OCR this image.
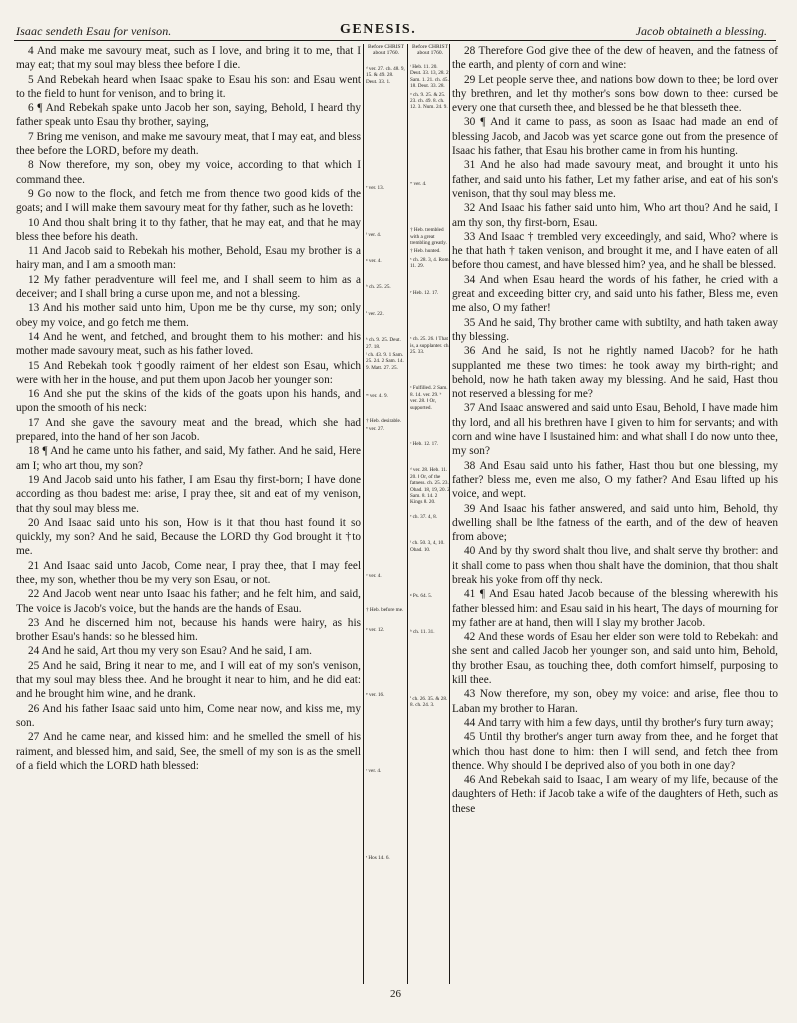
Isaac sendeth Esau for venison.	GENESIS.	Jacob obtaineth a blessing.

4 And make me savoury meat, such as I love, and bring it to me, that I may eat; that my soul may bless thee before I die.

5 And Rebekah heard when Isaac spake to Esau his son: and Esau went to the field to hunt for venison, and to bring it.

6 ¶ And Rebekah spake unto Jacob her son, saying, Behold, I heard thy father speak unto Esau thy brother, saying,

7 Bring me venison, and make me savoury meat, that I may eat, and bless thee before the LORD, before my death.

8 Now therefore, my son, obey my voice, according to that which I command thee.

9 Go now to the flock, and fetch me from thence two good kids of the goats; and I will make them savoury meat for thy father, such as he loveth:

10 And thou shalt bring it to thy father, that he may eat, and that he may bless thee before his death.

11 And Jacob said to Rebekah his mother, Behold, Esau my brother is a hairy man, and I am a smooth man:

12 My father peradventure will feel me, and I shall seem to him as a deceiver; and I shall bring a curse upon me, and not a blessing.

13 And his mother said unto him, Upon me be thy curse, my son; only obey my voice, and go fetch me them.

14 And he went, and fetched, and brought them to his mother: and his mother made savoury meat, such as his father loved.

15 And Rebekah took †goodly raiment of her eldest son Esau, which were with her in the house, and put them upon Jacob her younger son:

16 And she put the skins of the kids of the goats upon his hands, and upon the smooth of his neck:

17 And she gave the savoury meat and the bread, which she had prepared, into the hand of her son Jacob.

18 ¶ And he came unto his father, and said, My father. And he said, Here am I; who art thou, my son?

19 And Jacob said unto his father, I am Esau thy first-born; I have done according as thou badest me: arise, I pray thee, sit and eat of my venison, that thy soul may bless me.

20 And Isaac said unto his son, How is it that thou hast found it so quickly, my son? And he said, Because the LORD thy God brought it †to me.

21 And Isaac said unto Jacob, Come near, I pray thee, that I may feel thee, my son, whether thou be my very son Esau, or not.

22 And Jacob went near unto Isaac his father; and he felt him, and said, The voice is Jacob's voice, but the hands are the hands of Esau.

23 And he discerned him not, because his hands were hairy, as his brother Esau's hands: so he blessed him.

24 And he said, Art thou my very son Esau? And he said, I am.

25 And he said, Bring it near to me, and I will eat of my son's venison, that my soul may bless thee. And he brought it near to him, and he did eat: and he brought him wine, and he drank.

26 And his father Isaac said unto him, Come near now, and kiss me, my son.

27 And he came near, and kissed him: and he smelled the smell of his raiment, and blessed him, and said, See, the smell of my son is as the smell of a field which the LORD hath blessed:

Before CHRIST about 1760.
ᵈ ver. 27. ch. 48. 9, 15. & 49. 28. Deut. 33. 1.
ᵉ ver. 13.
ᶠ ver. 4.
ᵍ ver. 4.
ʰ ch. 25. 25.
ⁱ ver. 22.
ᵏ ch. 9. 25. Deut. 27. 18.
ˡ ch. 43. 9. 1 Sam. 25. 24. 2 Sam. 14. 9. Matt. 27. 25.
ᵐ ver. 4. 9.
† Heb. desirable.
ⁿ ver. 27.
ᵒ ver. 4.
† Heb. before me.
ᵖ ver. 12.
ᵠ ver. 16.
ʳ ver. 4.
ˢ Hos 14. 6.
Before CHRIST about 1760.
ᵗ Heb. 11. 20. Deut. 33. 13, 28. 2 Sam. 1. 21. ch. 45. 18. Deut. 33. 28.
ᵘ ch. 9. 25. & 25. 23. ch. 49. 8. ch. 12. 3. Num. 24. 9.
ʷ ver. 4.
† Heb. trembled with a great trembling greatly.
† Heb. hunted.
ˣ ch. 28. 3, 4. Rom. 11. 29.
ʸ Heb. 12. 17.
ᶻ ch. 25. 26. ‖ That is, a supplanter. ch. 25. 33.
ᵃ Fulfilled. 2 Sam. 8. 14. ver. 29. ᵇ ver. 28. ‖ Or, supported.
ᶜ Heb. 12. 17.
ᵈ ver. 28. Heb. 11. 20. ‖ Or, of the fatness. ch. 25. 23. Obad. 18, 19, 20. 2 Sam. 8. 14. 2 Kings 8. 20.
ᵉ ch. 37. 4, 8.
ᶠ ch. 50. 3, 4, 10. Obad. 10.
ᵍ Ps. 64. 5.
ʰ ch. 11. 31.
ⁱ ch. 26. 35. & 28. 8. ch. 24. 3.

28 Therefore God give thee of the dew of heaven, and the fatness of the earth, and plenty of corn and wine:

29 Let people serve thee, and nations bow down to thee; be lord over thy brethren, and let thy mother's sons bow down to thee: cursed be every one that curseth thee, and blessed be he that blesseth thee.

30 ¶ And it came to pass, as soon as Isaac had made an end of blessing Jacob, and Jacob was yet scarce gone out from the presence of Isaac his father, that Esau his brother came in from his hunting.

31 And he also had made savoury meat, and brought it unto his father, and said unto his father, Let my father arise, and eat of his son's venison, that thy soul may bless me.

32 And Isaac his father said unto him, Who art thou? And he said, I am thy son, thy first-born, Esau.

33 And Isaac † trembled very exceedingly, and said, Who? where is he that hath † taken venison, and brought it me, and I have eaten of all before thou camest, and have blessed him? yea, and he shall be blessed.

34 And when Esau heard the words of his father, he cried with a great and exceeding bitter cry, and said unto his father, Bless me, even me also, O my father!

35 And he said, Thy brother came with subtilty, and hath taken away thy blessing.

36 And he said, Is not he rightly named ‖Jacob? for he hath supplanted me these two times: he took away my birth-right; and behold, now he hath taken away my blessing. And he said, Hast thou not reserved a blessing for me?

37 And Isaac answered and said unto Esau, Behold, I have made him thy lord, and all his brethren have I given to him for servants; and with corn and wine have I ‖sustained him: and what shall I do now unto thee, my son?

38 And Esau said unto his father, Hast thou but one blessing, my father? bless me, even me also, O my father? And Esau lifted up his voice, and wept.

39 And Isaac his father answered, and said unto him, Behold, thy dwelling shall be ‖the fatness of the earth, and of the dew of heaven from above;

40 And by thy sword shalt thou live, and shalt serve thy brother: and it shall come to pass when thou shalt have the dominion, that thou shalt break his yoke from off thy neck.

41 ¶ And Esau hated Jacob because of the blessing wherewith his father blessed him: and Esau said in his heart, The days of mourning for my father are at hand, then will I slay my brother Jacob.

42 And these words of Esau her elder son were told to Rebekah: and she sent and called Jacob her younger son, and said unto him, Behold, thy brother Esau, as touching thee, doth comfort himself, purposing to kill thee.

43 Now therefore, my son, obey my voice: and arise, flee thou to Laban my brother to Haran.

44 And tarry with him a few days, until thy brother's fury turn away;

45 Until thy brother's anger turn away from thee, and he forget that which thou hast done to him: then I will send, and fetch thee from thence. Why should I be deprived also of you both in one day?

46 And Rebekah said to Isaac, I am weary of my life, because of the daughters of Heth: if Jacob take a wife of the daughters of Heth, such as these

26
